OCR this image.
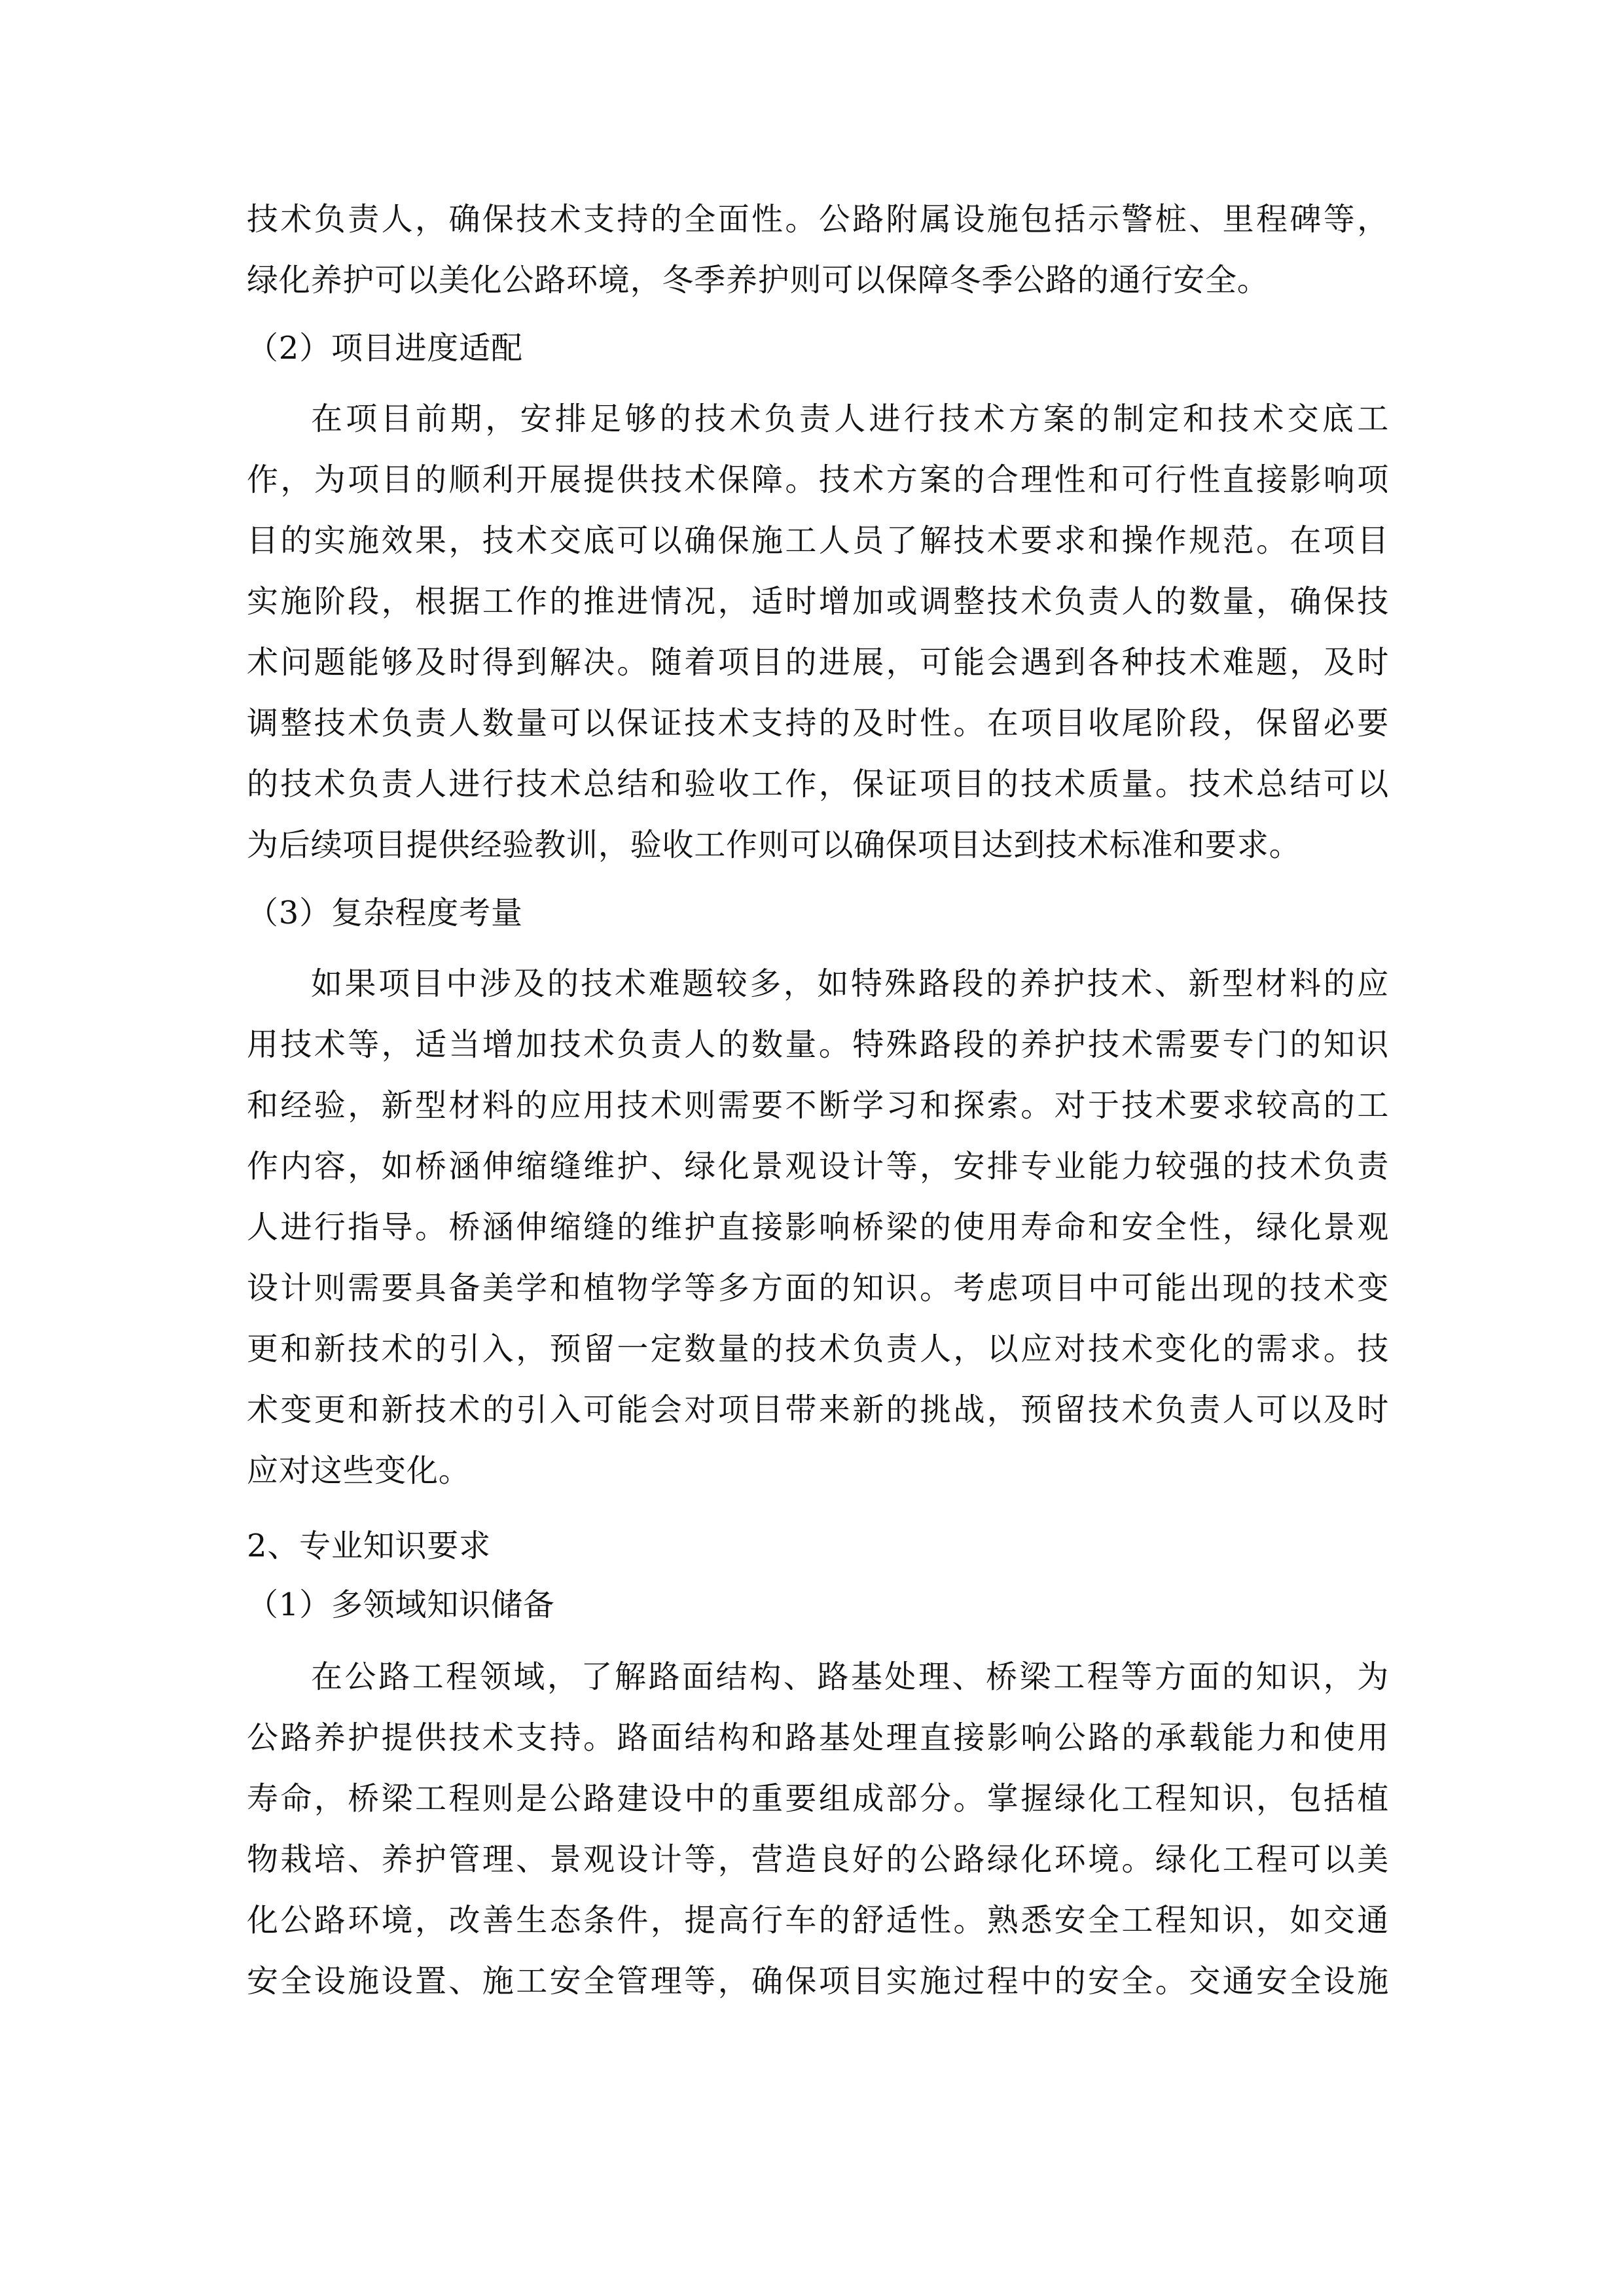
技术负责人，确保技术支持的全面性。公路附属设施包括示警桩、里程碑等，

绿化养护可以美化公路环境，冬季养护则可以保障冬季公路的通行安全。

（2）项目进度适配

在项目前期，安排足够的技术负责人进行技术方案的制定和技术交底工

作，为项目的顺利开展提供技术保障。技术方案的合理性和可行性直接影响项

目的实施效果，技术交底可以确保施工人员了解技术要求和操作规范。在项目

实施阶段，根据工作的推进情况，适时增加或调整技术负责人的数量，确保技

术问题能够及时得到解决。随着项目的进展，可能会遇到各种技术难题，及时

调整技术负责人数量可以保证技术支持的及时性。在项目收尾阶段，保留必要

的技术负责人进行技术总结和验收工作，保证项目的技术质量。技术总结可以

为后续项目提供经验教训，验收工作则可以确保项目达到技术标准和要求。

（3）复杂程度考量

如果项目中涉及的技术难题较多，如特殊路段的养护技术、新型材料的应

用技术等，适当增加技术负责人的数量。特殊路段的养护技术需要专门的知识

和经验，新型材料的应用技术则需要不断学习和探索。对于技术要求较高的工

作内容，如桥涵伸缩缝维护、绿化景观设计等，安排专业能力较强的技术负责

人进行指导。桥涵伸缩缝的维护直接影响桥梁的使用寿命和安全性，绿化景观

设计则需要具备美学和植物学等多方面的知识。考虑项目中可能出现的技术变

更和新技术的引入，预留一定数量的技术负责人，以应对技术变化的需求。技

术变更和新技术的引入可能会对项目带来新的挑战，预留技术负责人可以及时

应对这些变化。

2、专业知识要求

（1）多领域知识储备

在公路工程领域，了解路面结构、路基处理、桥梁工程等方面的知识，为

公路养护提供技术支持。路面结构和路基处理直接影响公路的承载能力和使用

寿命，桥梁工程则是公路建设中的重要组成部分。掌握绿化工程知识，包括植

物栽培、养护管理、景观设计等，营造良好的公路绿化环境。绿化工程可以美

化公路环境，改善生态条件，提高行车的舒适性。熟悉安全工程知识，如交通

安全设施设置、施工安全管理等，确保项目实施过程中的安全。交通安全设施
